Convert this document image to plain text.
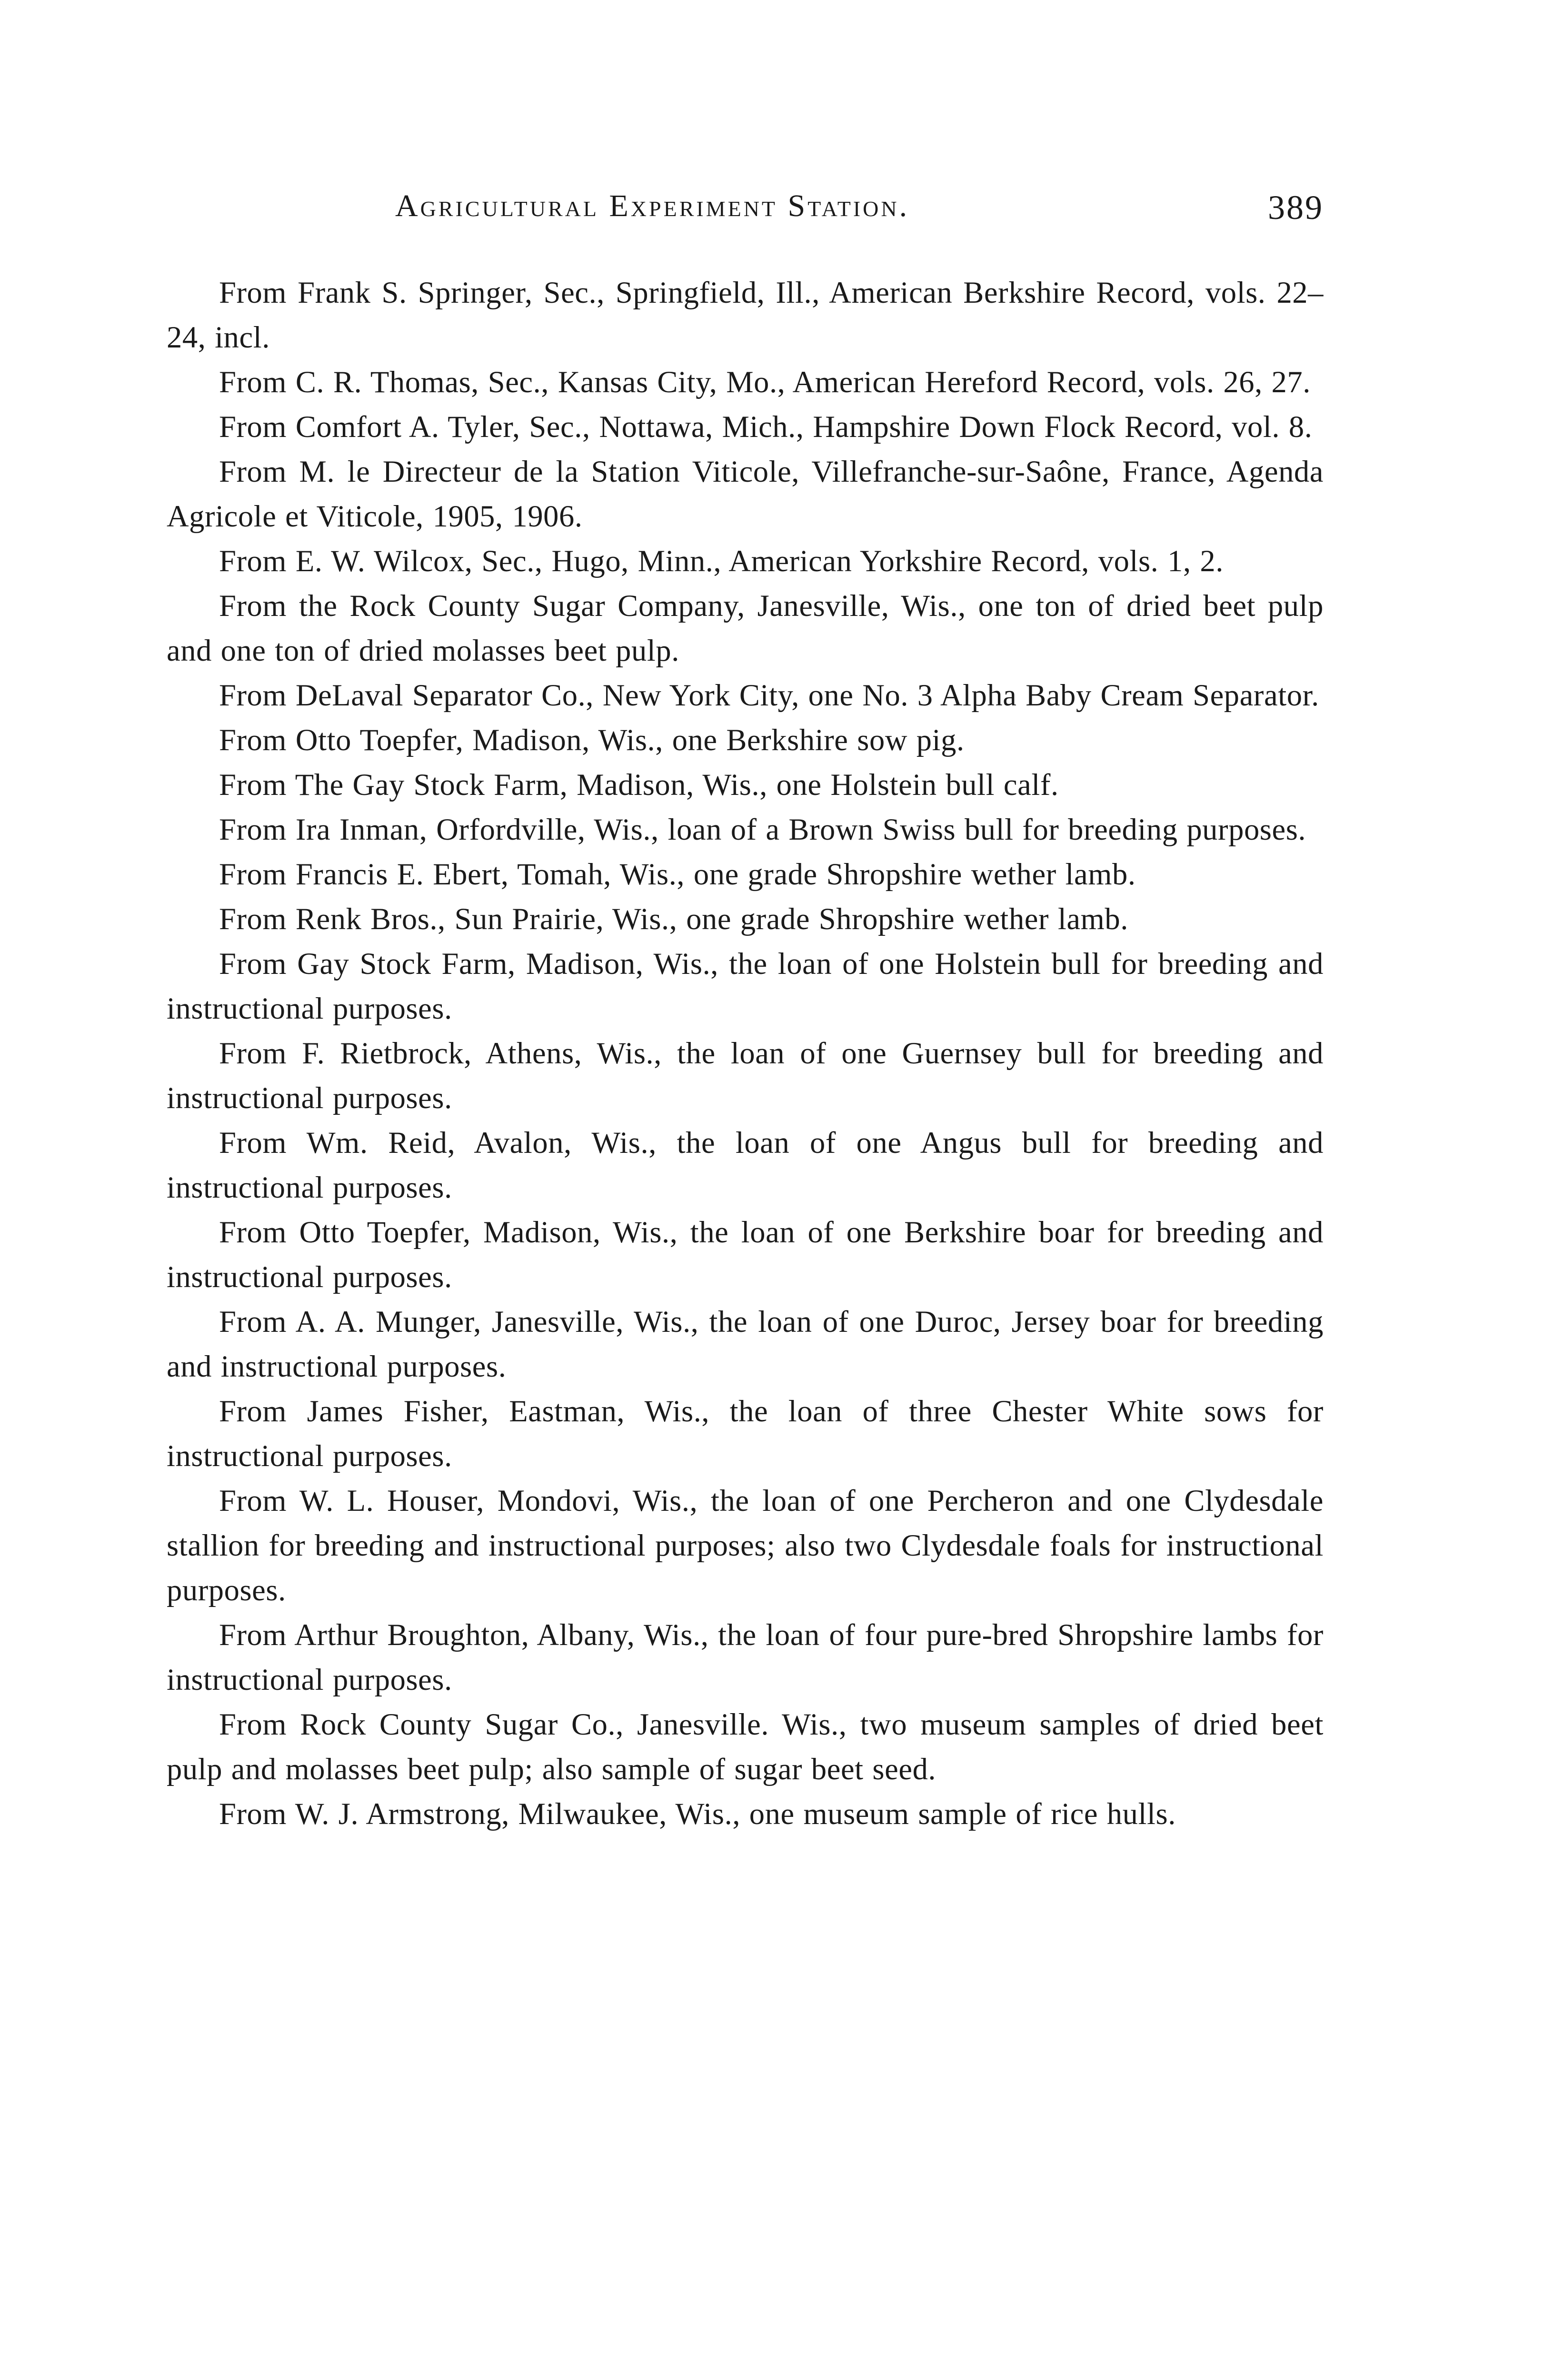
Agricultural Experiment Station.	389

From Frank S. Springer, Sec., Springfield, Ill., American Berkshire Record, vols. 22–24, incl.

From C. R. Thomas, Sec., Kansas City, Mo., American Hereford Record, vols. 26, 27.

From Comfort A. Tyler, Sec., Nottawa, Mich., Hampshire Down Flock Record, vol. 8.

From M. le Directeur de la Station Viticole, Villefranche-sur-Saône, France, Agenda Agricole et Viticole, 1905, 1906.

From E. W. Wilcox, Sec., Hugo, Minn., American Yorkshire Record, vols. 1, 2.

From the Rock County Sugar Company, Janesville, Wis., one ton of dried beet pulp and one ton of dried molasses beet pulp.

From DeLaval Separator Co., New York City, one No. 3 Alpha Baby Cream Separator.

From Otto Toepfer, Madison, Wis., one Berkshire sow pig.

From The Gay Stock Farm, Madison, Wis., one Holstein bull calf.

From Ira Inman, Orfordville, Wis., loan of a Brown Swiss bull for breeding purposes.

From Francis E. Ebert, Tomah, Wis., one grade Shropshire wether lamb.

From Renk Bros., Sun Prairie, Wis., one grade Shropshire wether lamb.

From Gay Stock Farm, Madison, Wis., the loan of one Holstein bull for breeding and instructional purposes.

From F. Rietbrock, Athens, Wis., the loan of one Guernsey bull for breeding and instructional purposes.

From Wm. Reid, Avalon, Wis., the loan of one Angus bull for breeding and instructional purposes.

From Otto Toepfer, Madison, Wis., the loan of one Berkshire boar for breeding and instructional purposes.

From A. A. Munger, Janesville, Wis., the loan of one Duroc, Jersey boar for breeding and instructional purposes.

From James Fisher, Eastman, Wis., the loan of three Chester White sows for instructional purposes.

From W. L. Houser, Mondovi, Wis., the loan of one Percheron and one Clydesdale stallion for breeding and instructional purposes; also two Clydesdale foals for instructional purposes.

From Arthur Broughton, Albany, Wis., the loan of four pure-bred Shropshire lambs for instructional purposes.

From Rock County Sugar Co., Janesville. Wis., two museum samples of dried beet pulp and molasses beet pulp; also sample of sugar beet seed.

From W. J. Armstrong, Milwaukee, Wis., one museum sample of rice hulls.
